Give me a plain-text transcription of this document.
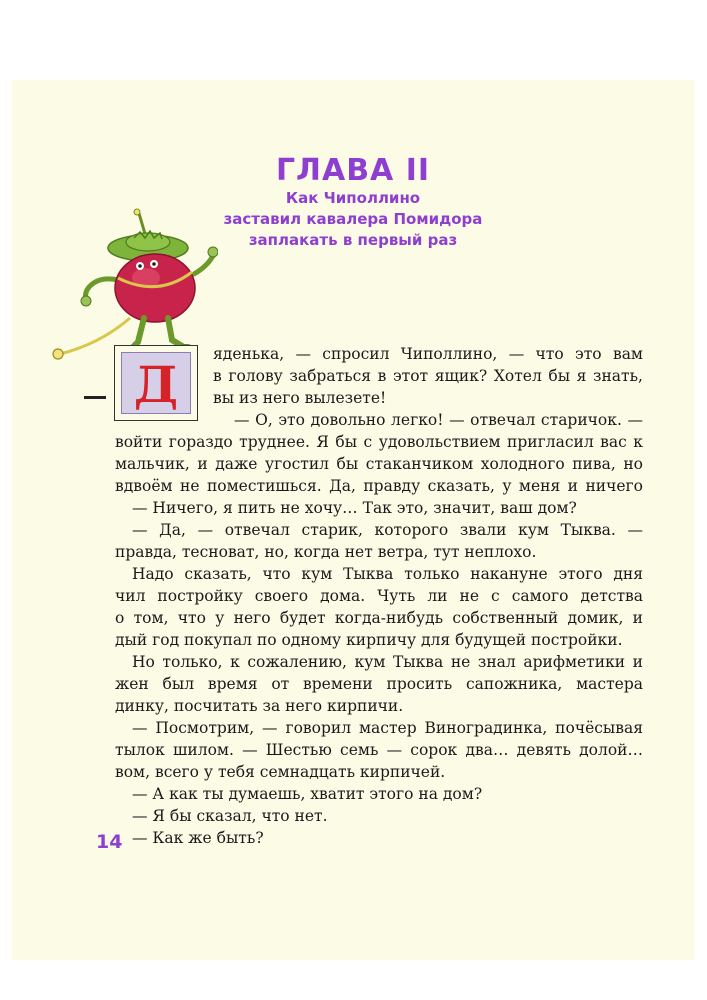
ГЛАВА II
Как Чиполлино
заставил кавалера Помидора
заплакать в первый раз
Д
яденька, — спросил Чиполлино, — что это вам
в голову забраться в этот ящик? Хотел бы я знать,
вы из него вылезете!
— О, это довольно легко! — отвечал старичок. —
войти гораздо труднее. Я бы с удовольствием пригласил вас к
мальчик, и даже угостил бы стаканчиком холодного пива, но
вдвоём не поместишься. Да, правду сказать, у меня и ничего
— Ничего, я пить не хочу… Так это, значит, ваш дом?
— Да, — отвечал старик, которого звали кум Тыква. —
правда, тесноват, но, когда нет ветра, тут неплохо.
Надо сказать, что кум Тыква только накануне этого дня
чил постройку своего дома. Чуть ли не с самого детства
о том, что у него будет когда-нибудь собственный домик, и
дый год покупал по одному кирпичу для будущей постройки.
Но только, к сожалению, кум Тыква не знал арифметики и
жен был время от времени просить сапожника, мастера
динку, посчитать за него кирпичи.
— Посмотрим, — говорил мастер Виноградинка, почёсывая
тылок шилом. — Шестью семь — сорок два… девять долой…
вом, всего у тебя семнадцать кирпичей.
— А как ты думаешь, хватит этого на дом?
— Я бы сказал, что нет.
— Как же быть?
14
